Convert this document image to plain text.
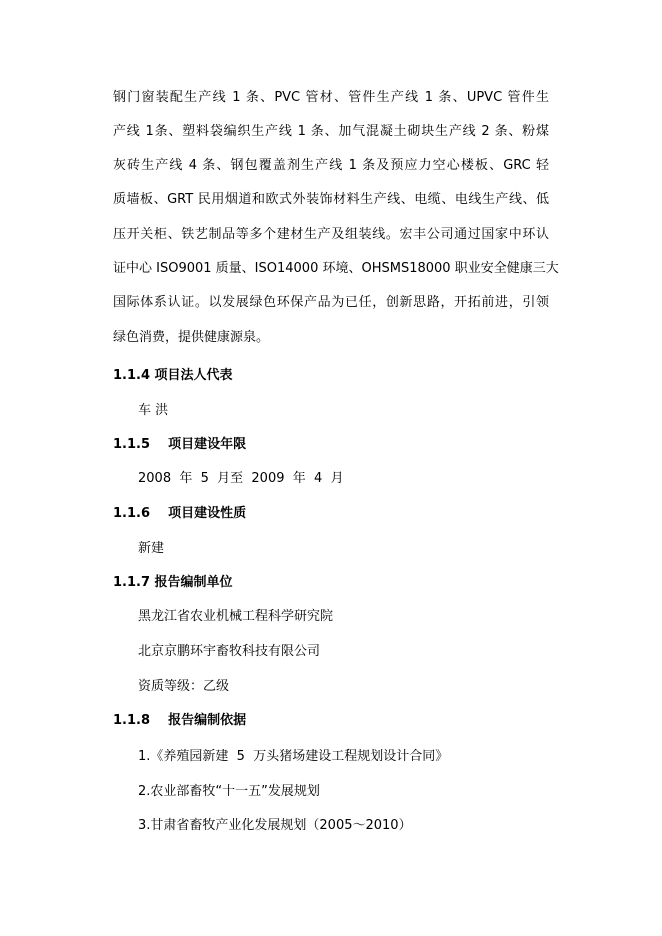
钢门窗装配生产线 1 条、PVC 管材、管件生产线 1 条、UPVC 管件生
产线 1条、塑料袋编织生产线 1 条、加气混凝土砌块生产线 2 条、粉煤
灰砖生产线 4 条、钢包覆盖剂生产线 1 条及预应力空心楼板、GRC 轻
质墙板、GRT 民用烟道和欧式外装饰材料生产线、电缆、电线生产线、低
压开关柜、铁艺制品等多个建材生产及组装线。宏丰公司通过国家中环认
证中心 ISO9001 质量、ISO14000 环境、OHSMS18000 职业安全健康三大
国际体系认证。以发展绿色环保产品为已任，创新思路，开拓前进，引领
绿色消费，提供健康源泉。
1.1.4 项目法人代表
车 洪
1.1.5    项目建设年限
2008  年  5  月至  2009  年  4  月
1.1.6    项目建设性质
新建
1.1.7 报告编制单位
黑龙江省农业机械工程科学研究院
北京京鹏环宇畜牧科技有限公司
资质等级：乙级
1.1.8    报告编制依据
1.《养殖园新建  5  万头猪场建设工程规划设计合同》
2.农业部畜牧“十一五”发展规划
3.甘肃省畜牧产业化发展规划（2005～2010）
